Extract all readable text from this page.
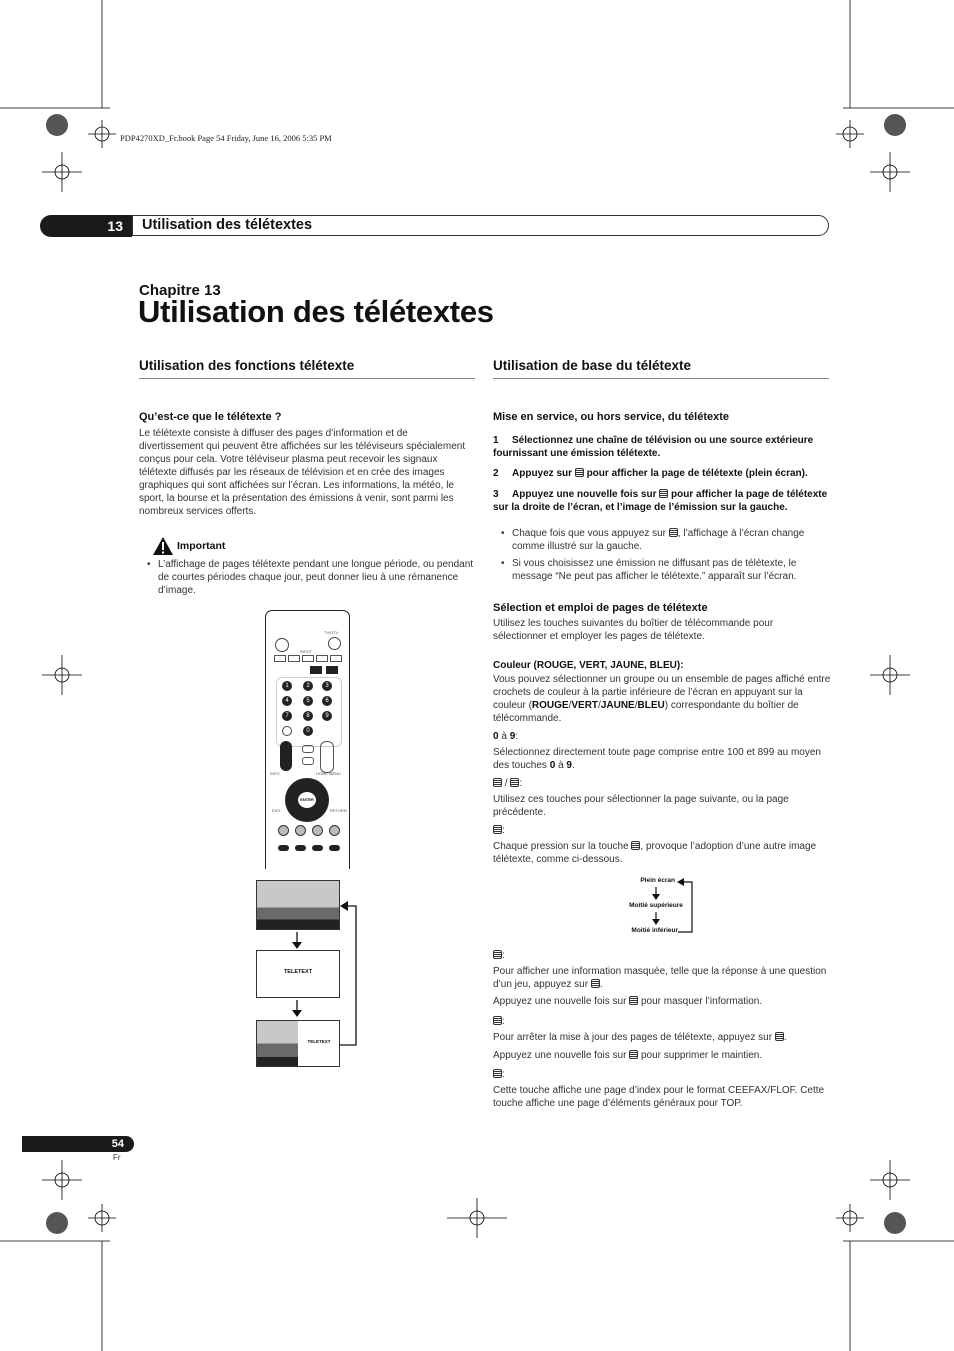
PDP4270XD_Fr.book Page 54 Friday, June 16, 2006 5:35 PM
13	Utilisation des télétextes
Chapitre 13
Utilisation des télétextes
Utilisation des fonctions télétexte
Qu’est-ce que le télétexte ?
Le télétexte consiste à diffuser des pages d’information et de divertissement qui peuvent être affichées sur les téléviseurs spécialement conçus pour cela. Votre téléviseur plasma peut recevoir les signaux télétexte diffusés par les réseaux de télévision et en crée des images graphiques qui sont affichées sur l’écran. Les informations, la météo, le sport, la bourse et la présentation des émissions à venir, sont parmi les nombreux services offerts.
Important
• L’affichage de pages télétexte pendant une longue période, ou pendant de courtes périodes chaque jour, peut donner lieu à une rémanence d’image.
TV/DTV
INPUT
1	2	3
4	5	6
7	8	9
0
INFO	HOME MENU
ENTER
EXIT	RETURN
TELETEXT
TELETEXT
Utilisation de base du télétexte
Mise en service, ou hors service, du télétexte
1	Sélectionnez une chaîne de télévision ou une source extérieure fournissant une émission télétexte.
2	Appuyez sur pour afficher la page de télétexte (plein écran).
3	Appuyez une nouvelle fois sur pour afficher la page de télétexte sur la droite de l’écran, et l’image de l’émission sur la gauche.
• Chaque fois que vous appuyez sur , l’affichage à l’écran change comme illustré sur la gauche.
• Si vous choisissez une émission ne diffusant pas de télétexte, le message “Ne peut pas afficher le télétexte.” apparaît sur l’écran.
Sélection et emploi de pages de télétexte
Utilisez les touches suivantes du boîtier de télécommande pour sélectionner et employer les pages de télétexte.
Couleur (ROUGE, VERT, JAUNE, BLEU):
Vous pouvez sélectionner un groupe ou un ensemble de pages affiché entre crochets de couleur à la partie inférieure de l’écran en appuyant sur la couleur (ROUGE/VERT/JAUNE/BLEU) correspondante du boîtier de télécommande.
0 à 9:
Sélectionnez directement toute page comprise entre 100 et 899 au moyen des touches 0 à 9.
/ :
Utilisez ces touches pour sélectionner la page suivante, ou la page précédente.
:
Chaque pression sur la touche , provoque l’adoption d’une autre image télétexte, comme ci-dessous.
Plein écran
Moitié supérieure
Moitié inférieur
:
Pour afficher une information masquée, telle que la réponse à une question d’un jeu, appuyez sur .
Appuyez une nouvelle fois sur pour masquer l’information.
:
Pour arrêter la mise à jour des pages de télétexte, appuyez sur .
Appuyez une nouvelle fois sur pour supprimer le maintien.
:
Cette touche affiche une page d’index pour le format CEEFAX/FLOF. Cette touche affiche une page d’éléments généraux pour TOP.
54
Fr
